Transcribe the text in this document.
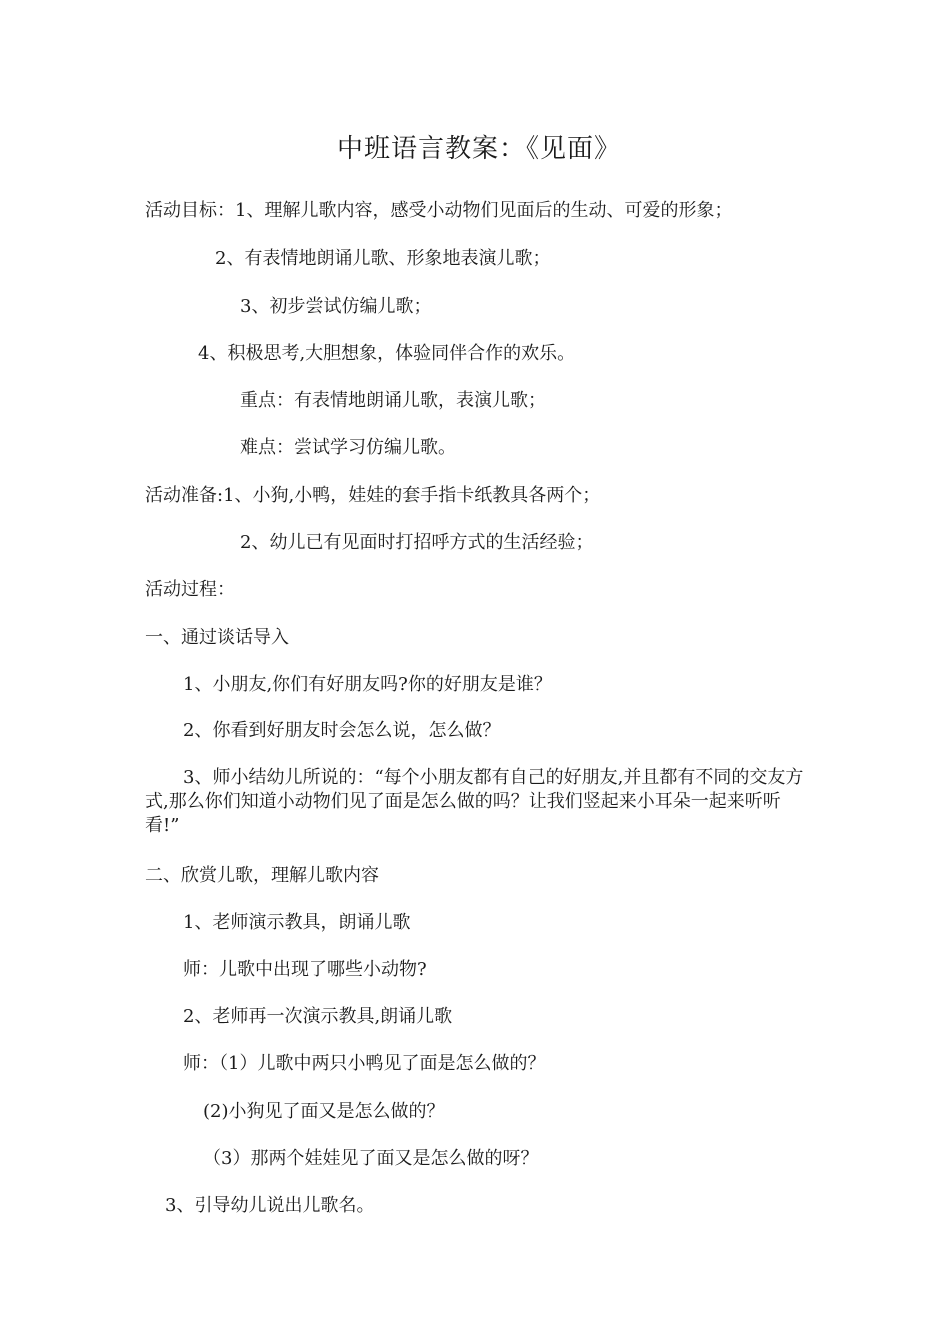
中班语言教案：《见面》
活动目标：1、理解儿歌内容，感受小动物们见面后的生动、可爱的形象；
2、有表情地朗诵儿歌、形象地表演儿歌；
3、初步尝试仿编儿歌；
4、积极思考,大胆想象，体验同伴合作的欢乐。
重点：有表情地朗诵儿歌，表演儿歌；
难点：尝试学习仿编儿歌。
活动准备:1、小狗,小鸭，娃娃的套手指卡纸教具各两个；
2、幼儿已有见面时打招呼方式的生活经验；
活动过程：
一、通过谈话导入
1、小朋友,你们有好朋友吗?你的好朋友是谁？
2、你看到好朋友时会怎么说，怎么做？
3、师小结幼儿所说的：“每个小朋友都有自己的好朋友,并且都有不同的交友方式,那么你们知道小动物们见了面是怎么做的吗？让我们竖起来小耳朵一起来听听看!”
二、欣赏儿歌，理解儿歌内容
1、老师演示教具，朗诵儿歌
师：儿歌中出现了哪些小动物?
2、老师再一次演示教具,朗诵儿歌
师：（1）儿歌中两只小鸭见了面是怎么做的？
(2)小狗见了面又是怎么做的？
（3）那两个娃娃见了面又是怎么做的呀？
3、引导幼儿说出儿歌名。
